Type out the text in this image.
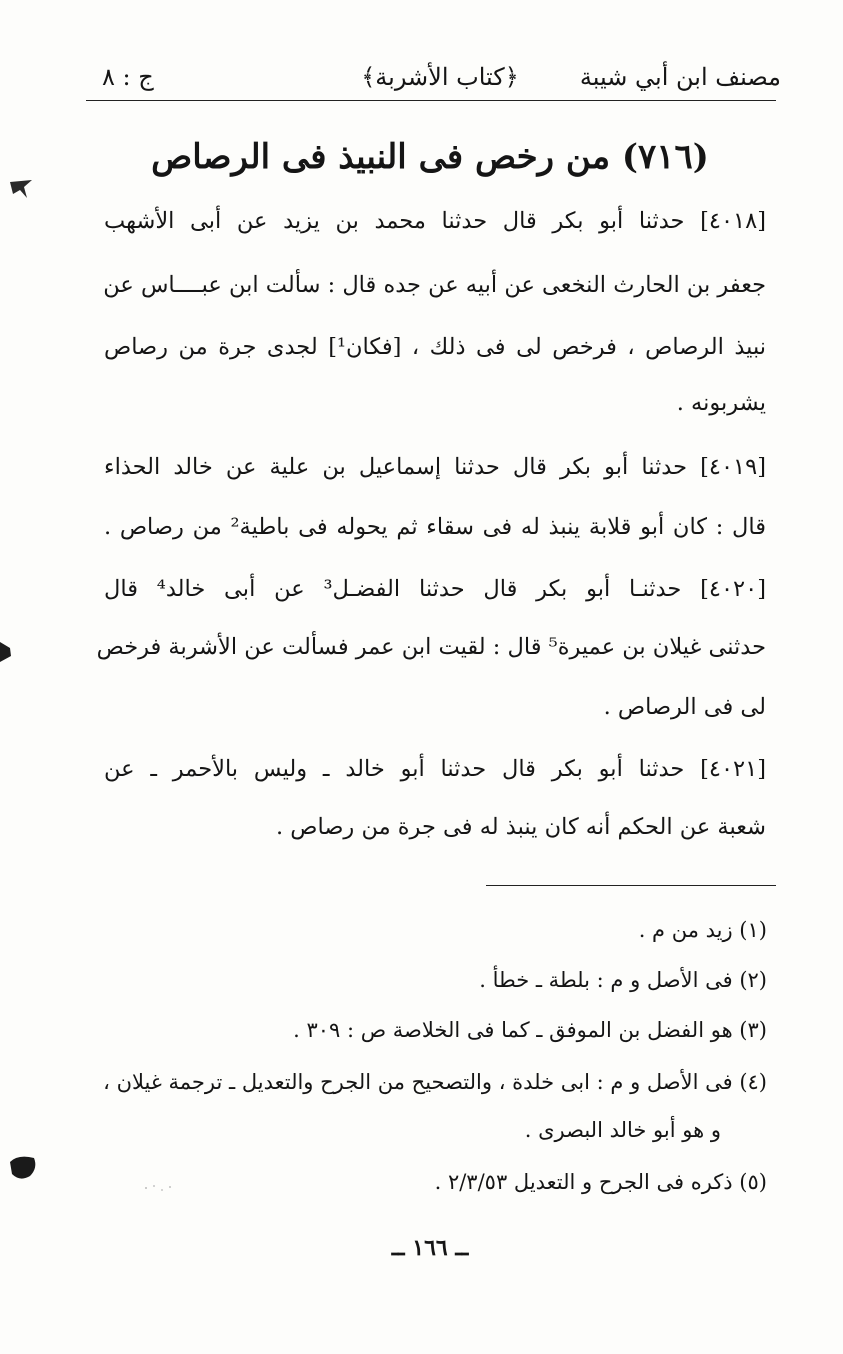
مصنف ابن أبي شيبة
﴿كتاب الأشربة﴾
ج : ٨
(٧١٦) من رخص فى النبيذ فى الرصاص
[٤٠١٨] حدثنا أبو بكر قال حدثنا محمد بن يزيد عن أبى الأشهب
جعفر بن الحارث النخعى عن أبيه عن جده قال : سألت ابن عبــــاس عن
نبيذ الرصاص ، فرخص لى فى ذلك ، [فكان¹] لجدى جرة من رصاص
يشربونه .
[٤٠١٩] حدثنا أبو بكر قال حدثنا إسماعيل بن علية عن خالد الحذاء
قال : كان أبو قلابة ينبذ له فى سقاء ثم يحوله فى باطية² من رصاص .
[٤٠٢٠] حدثنـا أبو بكر قال حدثنا الفضـل³ عن أبى خالد⁴ قال
حدثنى غيلان بن عميرة⁵ قال : لقيت ابن عمر فسألت عن الأشربة فرخص
لى فى الرصاص .
[٤٠٢١] حدثنا أبو بكر قال حدثنا أبو خالد ـ وليس بالأحمر ـ عن
شعبة عن الحكم أنه كان ينبذ له فى جرة من رصاص .
(١) زيد من م .
(٢) فى الأصل و م : بلطة ـ خطأ .
(٣) هو الفضل بن الموفق ـ كما فى الخلاصة ص : ٣٠٩ .
(٤) فى الأصل و م : ابى خلدة ، والتصحيح من الجرح والتعديل ـ ترجمة غيلان ،
و هو أبو خالد البصرى .
(٥) ذكره فى الجرح و التعديل ٢/٣/٥٣ .
ــ ١٦٦ ــ
